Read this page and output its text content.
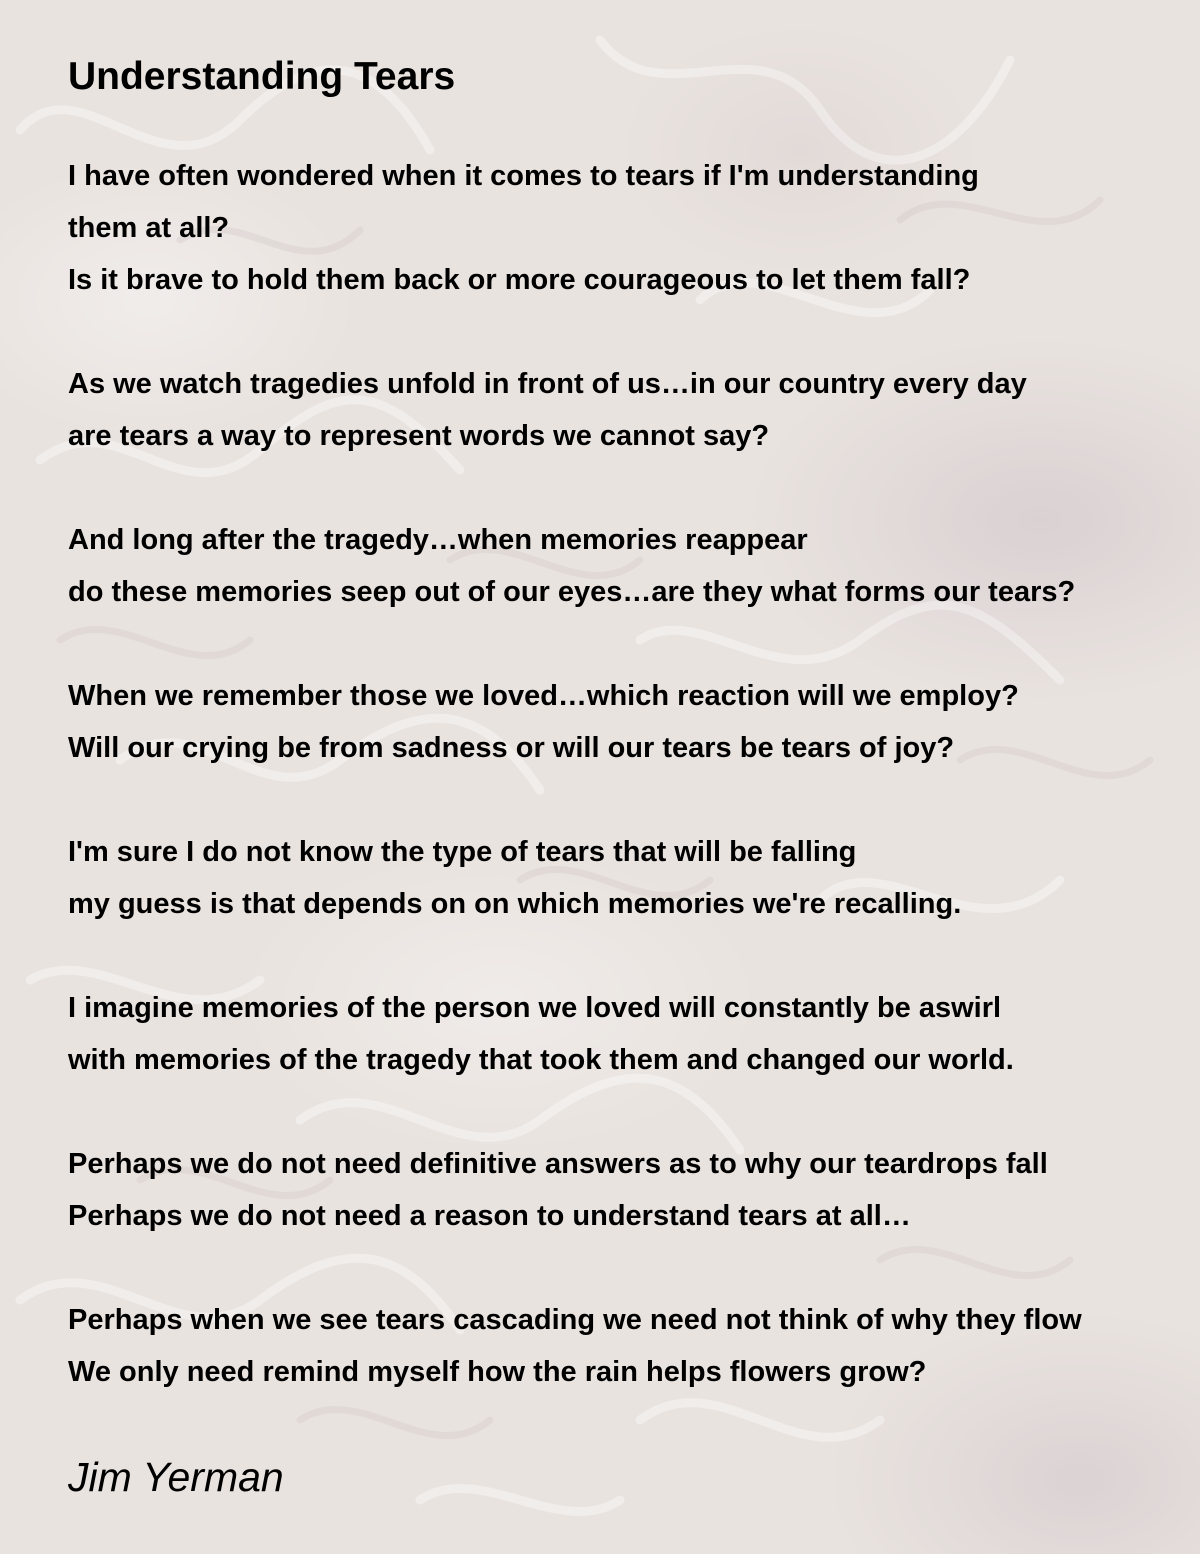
Understanding Tears
I have often wondered when it comes to tears if I'm understanding
them at all?
Is it brave to hold them back or more courageous to let them fall?
As we watch tragedies unfold in front of us…in our country every day
are tears a way to represent words we cannot say?
And long after the tragedy…when memories reappear
do these memories seep out of our eyes…are they what forms our tears?
When we remember those we loved…which reaction will we employ?
Will our crying be from sadness or will our tears be tears of joy?
I'm sure I do not know the type of tears that will be falling
my guess is that depends on on which memories we're recalling.
I imagine memories of the person we loved will constantly be aswirl
with memories of the tragedy that took them and changed our world.
Perhaps we do not need definitive answers as to why our teardrops fall
Perhaps we do not need a reason to understand tears at all…
Perhaps when we see tears cascading we need not think of why they flow
We only need remind myself how the rain helps flowers grow?
Jim Yerman
